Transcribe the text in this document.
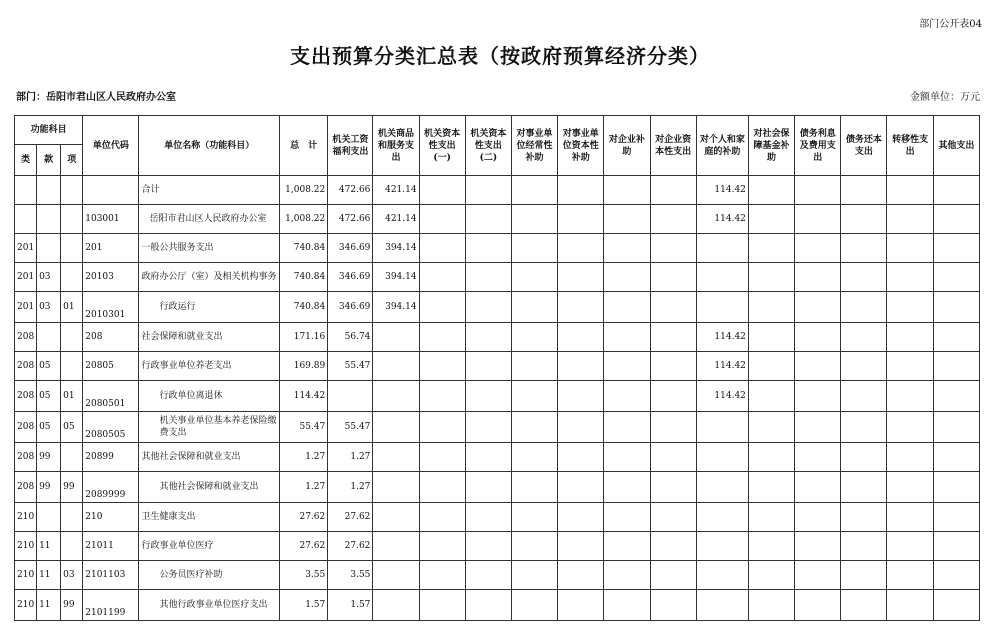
部门公开表04
支出预算分类汇总表（按政府预算经济分类）
部门：岳阳市君山区人民政府办公室	金额单位：万元
功能科目			单位代码	单位名称（功能科目）	总　计	机关工资福利支出	机关商品和服务支出	机关资本性支出(一)	机关资本性支出(二)	对事业单位经常性补助	对事业单位资本性补助	对企业补助	对企业资本性支出	对个人和家庭的补助	对社会保障基金补助	债务利息及费用支出	债务还本支出	转移性支出	其他支出
类	款	项																	
				合计	1,008.22	472.66	421.14							114.42					
			103001	岳阳市君山区人民政府办公室	1,008.22	472.66	421.14							114.42					
201			201	一般公共服务支出	740.84	346.69	394.14												
201	03		20103	政府办公厅（室）及相关机构事务	740.84	346.69	394.14												
201	03	01	2010301	行政运行	740.84	346.69	394.14												
208			208	社会保障和就业支出	171.16	56.74								114.42					
208	05		20805	行政事业单位养老支出	169.89	55.47								114.42					
208	05	01	2080501	行政单位离退休	114.42									114.42					
208	05	05	2080505	机关事业单位基本养老保险缴费支出	55.47	55.47													
208	99		20899	其他社会保障和就业支出	1.27	1.27													
208	99	99	2089999	其他社会保障和就业支出	1.27	1.27													
210			210	卫生健康支出	27.62	27.62													
210	11		21011	行政事业单位医疗	27.62	27.62													
210	11	03	2101103	公务员医疗补助	3.55	3.55													
210	11	99	2101199	其他行政事业单位医疗支出	1.57	1.57													
